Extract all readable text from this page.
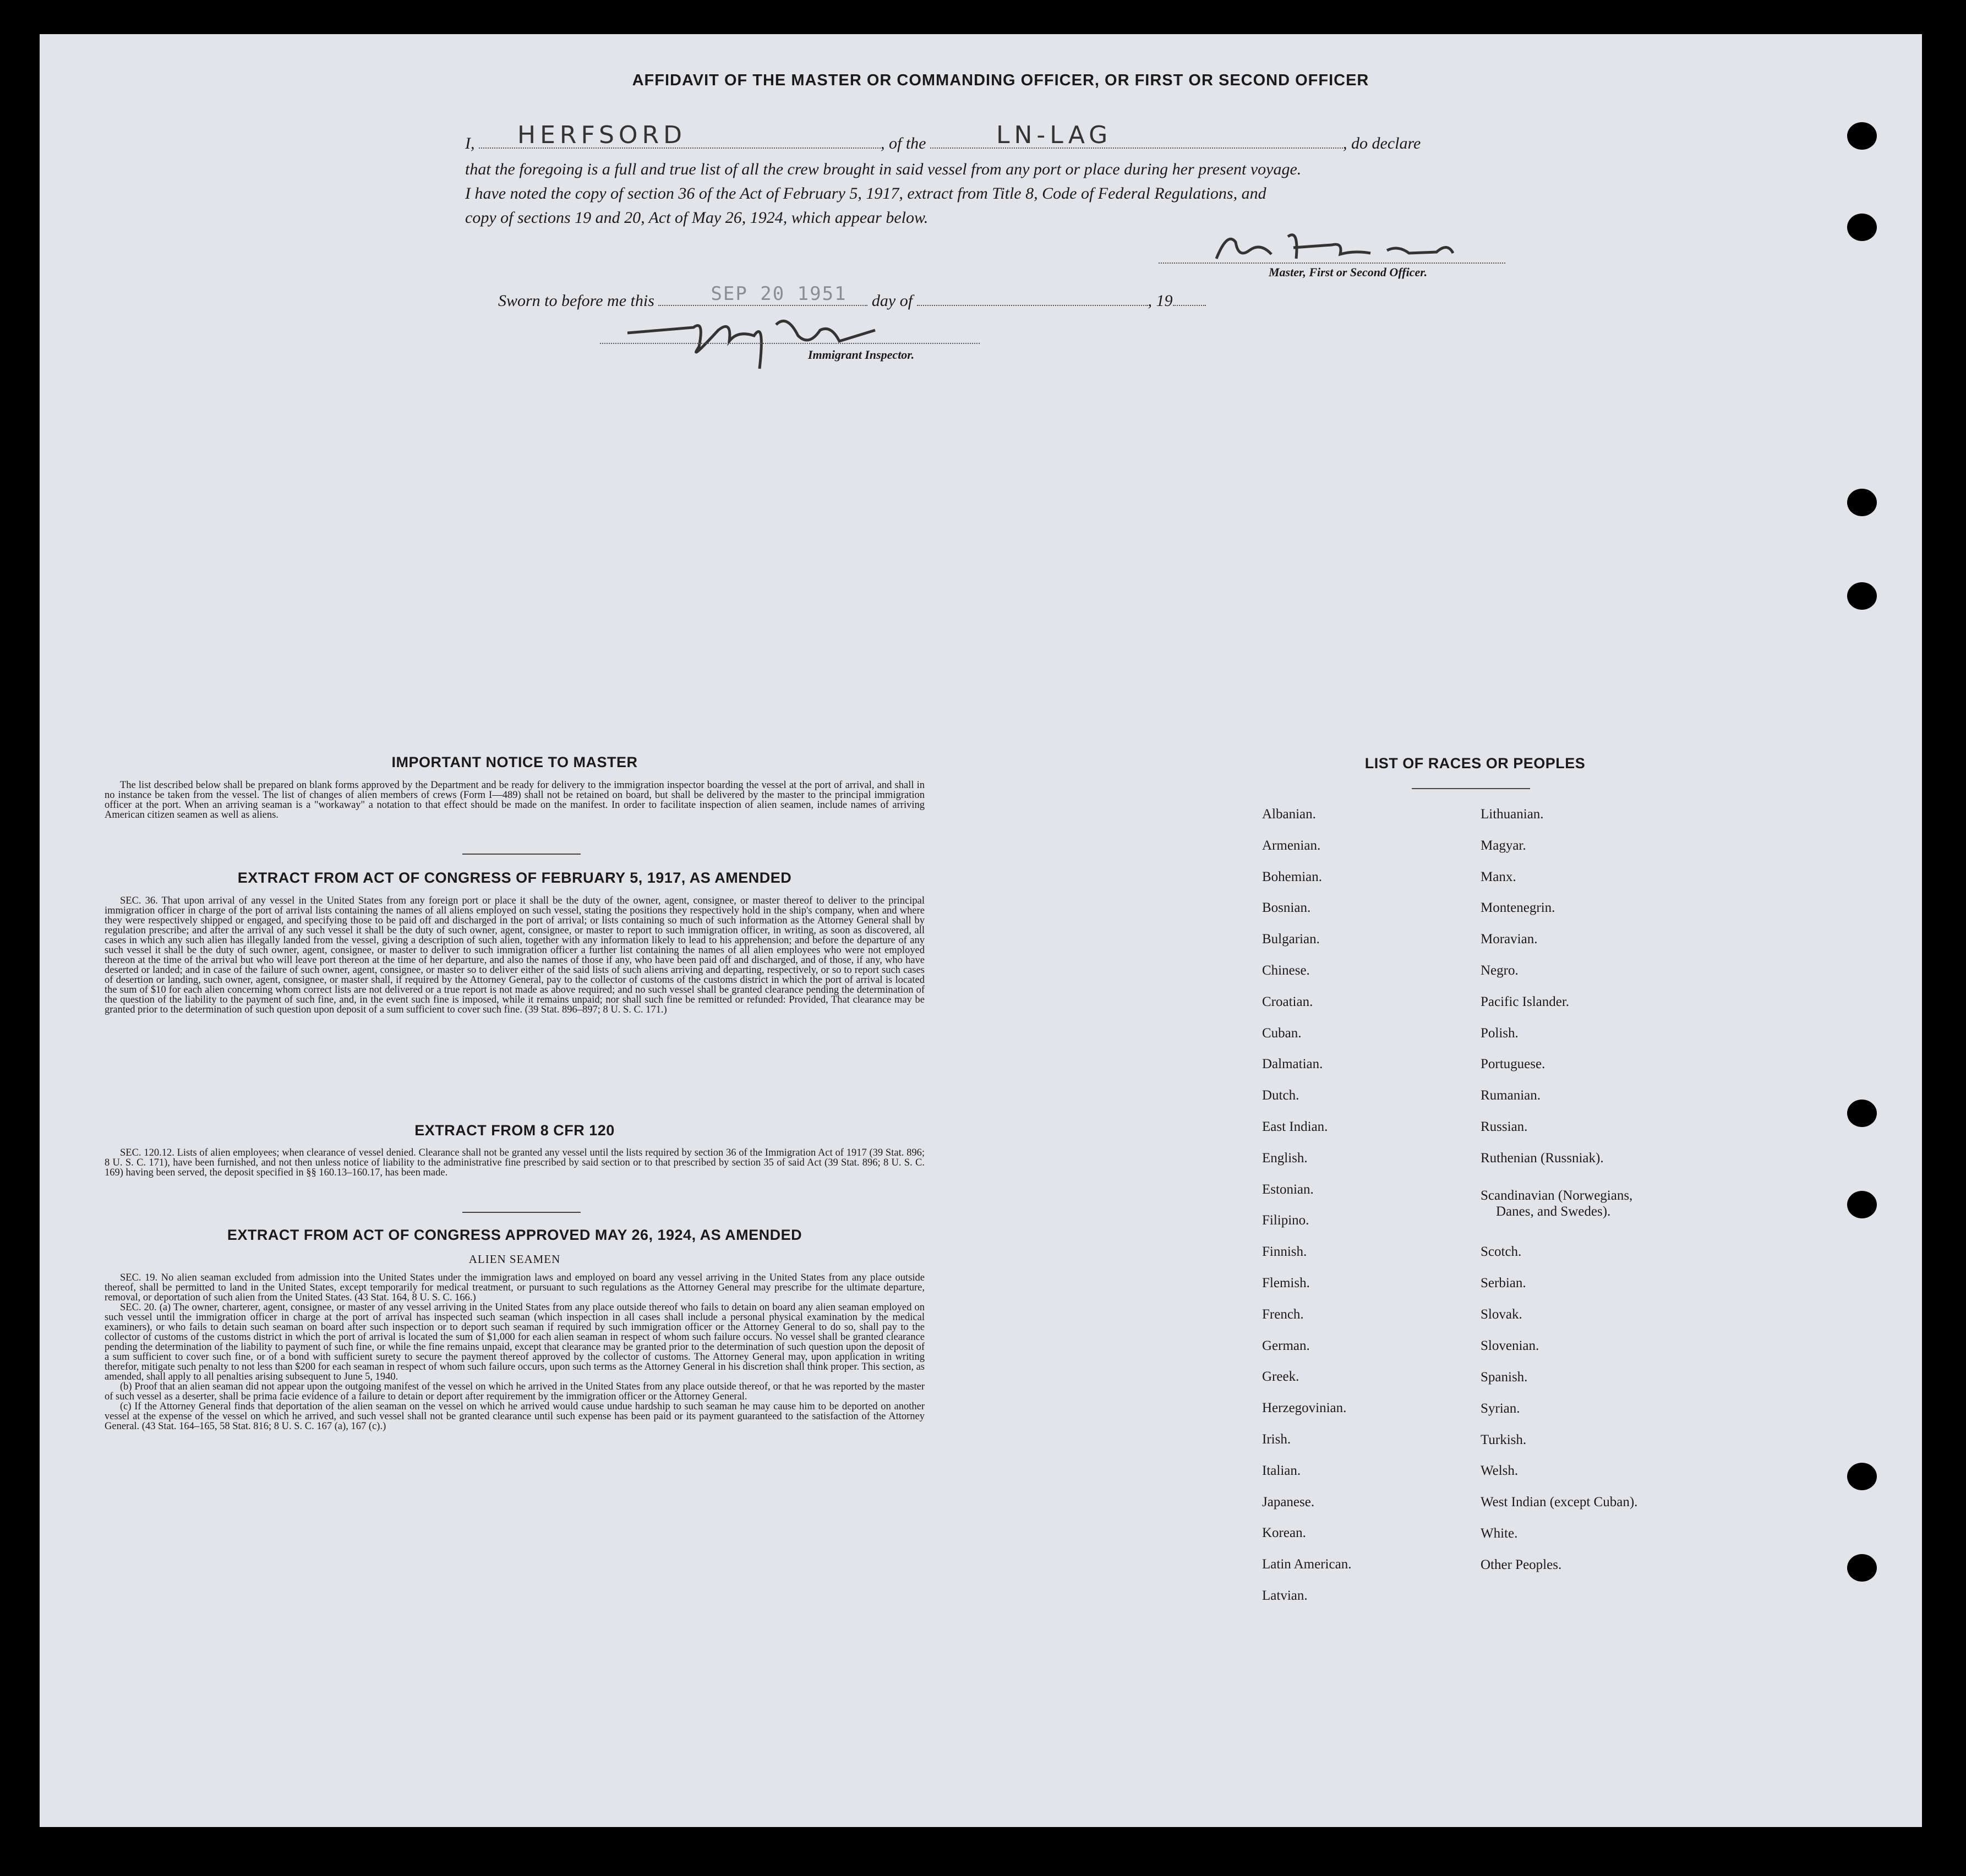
AFFIDAVIT OF THE MASTER OR COMMANDING OFFICER, OR FIRST OR SECOND OFFICER
I, HERFSORD	, of the	LN-LAG	, do declare
that the foregoing is a full and true list of all the crew brought in said vessel from any port or place during her present voyage.
I have noted the copy of section 36 of the Act of February 5, 1917, extract from Title 8, Code of Federal Regulations, and
copy of sections 19 and 20, Act of May 26, 1924, which appear below.
Master, First or Second Officer.
Sworn to before me this	SEP 20 1951 day of	, 19
Immigrant Inspector.
IMPORTANT NOTICE TO MASTER

The list described below shall be prepared on blank forms approved by the Department and be ready for delivery to the immigration inspector boarding the vessel at the port of arrival, and shall in no instance be taken from the vessel. The list of changes of alien members of crews (Form I—489) shall not be retained on board, but shall be delivered by the master to the principal immigration officer at the port. When an arriving seaman is a "workaway" a notation to that effect should be made on the manifest. In order to facilitate inspection of alien seamen, include names of arriving American citizen seamen as well as aliens.

EXTRACT FROM ACT OF CONGRESS OF FEBRUARY 5, 1917, AS AMENDED

SEC. 36. That upon arrival of any vessel in the United States from any foreign port or place it shall be the duty of the owner, agent, consignee, or master thereof to deliver to the principal immigration officer in charge of the port of arrival lists containing the names of all aliens employed on such vessel, stating the positions they respectively hold in the ship's company, when and where they were respectively shipped or engaged, and specifying those to be paid off and discharged in the port of arrival; or lists containing so much of such information as the Attorney General shall by regulation prescribe; and after the arrival of any such vessel it shall be the duty of such owner, agent, consignee, or master to report to such immigration officer, in writing, as soon as discovered, all cases in which any such alien has illegally landed from the vessel, giving a description of such alien, together with any information likely to lead to his apprehension; and before the departure of any such vessel it shall be the duty of such owner, agent, consignee, or master to deliver to such immigration officer a further list containing the names of all alien employees who were not employed thereon at the time of the arrival but who will leave port thereon at the time of her departure, and also the names of those if any, who have been paid off and discharged, and of those, if any, who have deserted or landed; and in case of the failure of such owner, agent, consignee, or master so to deliver either of the said lists of such aliens arriving and departing, respectively, or so to report such cases of desertion or landing, such owner, agent, consignee, or master shall, if required by the Attorney General, pay to the collector of customs of the customs district in which the port of arrival is located the sum of $10 for each alien concerning whom correct lists are not delivered or a true report is not made as above required; and no such vessel shall be granted clearance pending the determination of the question of the liability to the payment of such fine, and, in the event such fine is imposed, while it remains unpaid; nor shall such fine be remitted or refunded: Provided, That clearance may be granted prior to the determination of such question upon deposit of a sum sufficient to cover such fine. (39 Stat. 896–897; 8 U. S. C. 171.)

EXTRACT FROM 8 CFR 120

SEC. 120.12. Lists of alien employees; when clearance of vessel denied. Clearance shall not be granted any vessel until the lists required by section 36 of the Immigration Act of 1917 (39 Stat. 896; 8 U. S. C. 171), have been furnished, and not then unless notice of liability to the administrative fine prescribed by said section or to that prescribed by section 35 of said Act (39 Stat. 896; 8 U. S. C. 169) having been served, the deposit specified in §§ 160.13–160.17, has been made.

EXTRACT FROM ACT OF CONGRESS APPROVED MAY 26, 1924, AS AMENDED
ALIEN SEAMEN

SEC. 19. No alien seaman excluded from admission into the United States under the immigration laws and employed on board any vessel arriving in the United States from any place outside thereof, shall be permitted to land in the United States, except temporarily for medical treatment, or pursuant to such regulations as the Attorney General may prescribe for the ultimate departure, removal, or deportation of such alien from the United States. (43 Stat. 164, 8 U. S. C. 166.)

SEC. 20. (a) The owner, charterer, agent, consignee, or master of any vessel arriving in the United States from any place outside thereof who fails to detain on board any alien seaman employed on such vessel until the immigration officer in charge at the port of arrival has inspected such seaman (which inspection in all cases shall include a personal physical examination by the medical examiners), or who fails to detain such seaman on board after such inspection or to deport such seaman if required by such immigration officer or the Attorney General to do so, shall pay to the collector of customs of the customs district in which the port of arrival is located the sum of $1,000 for each alien seaman in respect of whom such failure occurs. No vessel shall be granted clearance pending the determination of the liability to payment of such fine, or while the fine remains unpaid, except that clearance may be granted prior to the determination of such question upon the deposit of a sum sufficient to cover such fine, or of a bond with sufficient surety to secure the payment thereof approved by the collector of customs. The Attorney General may, upon application in writing therefor, mitigate such penalty to not less than $200 for each seaman in respect of whom such failure occurs, upon such terms as the Attorney General in his discretion shall think proper. This section, as amended, shall apply to all penalties arising subsequent to June 5, 1940.

(b) Proof that an alien seaman did not appear upon the outgoing manifest of the vessel on which he arrived in the United States from any place outside thereof, or that he was reported by the master of such vessel as a deserter, shall be prima facie evidence of a failure to detain or deport after requirement by the immigration officer or the Attorney General.

(c) If the Attorney General finds that deportation of the alien seaman on the vessel on which he arrived would cause undue hardship to such seaman he may cause him to be deported on another vessel at the expense of the vessel on which he arrived, and such vessel shall not be granted clearance until such expense has been paid or its payment guaranteed to the satisfaction of the Attorney General. (43 Stat. 164–165, 58 Stat. 816; 8 U. S. C. 167 (a), 167 (c).)

LIST OF RACES OR PEOPLES
Albanian.
Armenian.
Bohemian.
Bosnian.
Bulgarian.
Chinese.
Croatian.
Cuban.
Dalmatian.
Dutch.
East Indian.
English.
Estonian.
Filipino.
Finnish.
Flemish.
French.
German.
Greek.
Herzegovinian.
Irish.
Italian.
Japanese.
Korean.
Latin American.
Latvian.
Lithuanian.
Magyar.
Manx.
Montenegrin.
Moravian.
Negro.
Pacific Islander.
Polish.
Portuguese.
Rumanian.
Russian.
Ruthenian (Russniak).
Scandinavian (Norwegians,
Danes, and Swedes).
Scotch.
Serbian.
Slovak.
Slovenian.
Spanish.
Syrian.
Turkish.
Welsh.
West Indian (except Cuban).
White.
Other Peoples.
